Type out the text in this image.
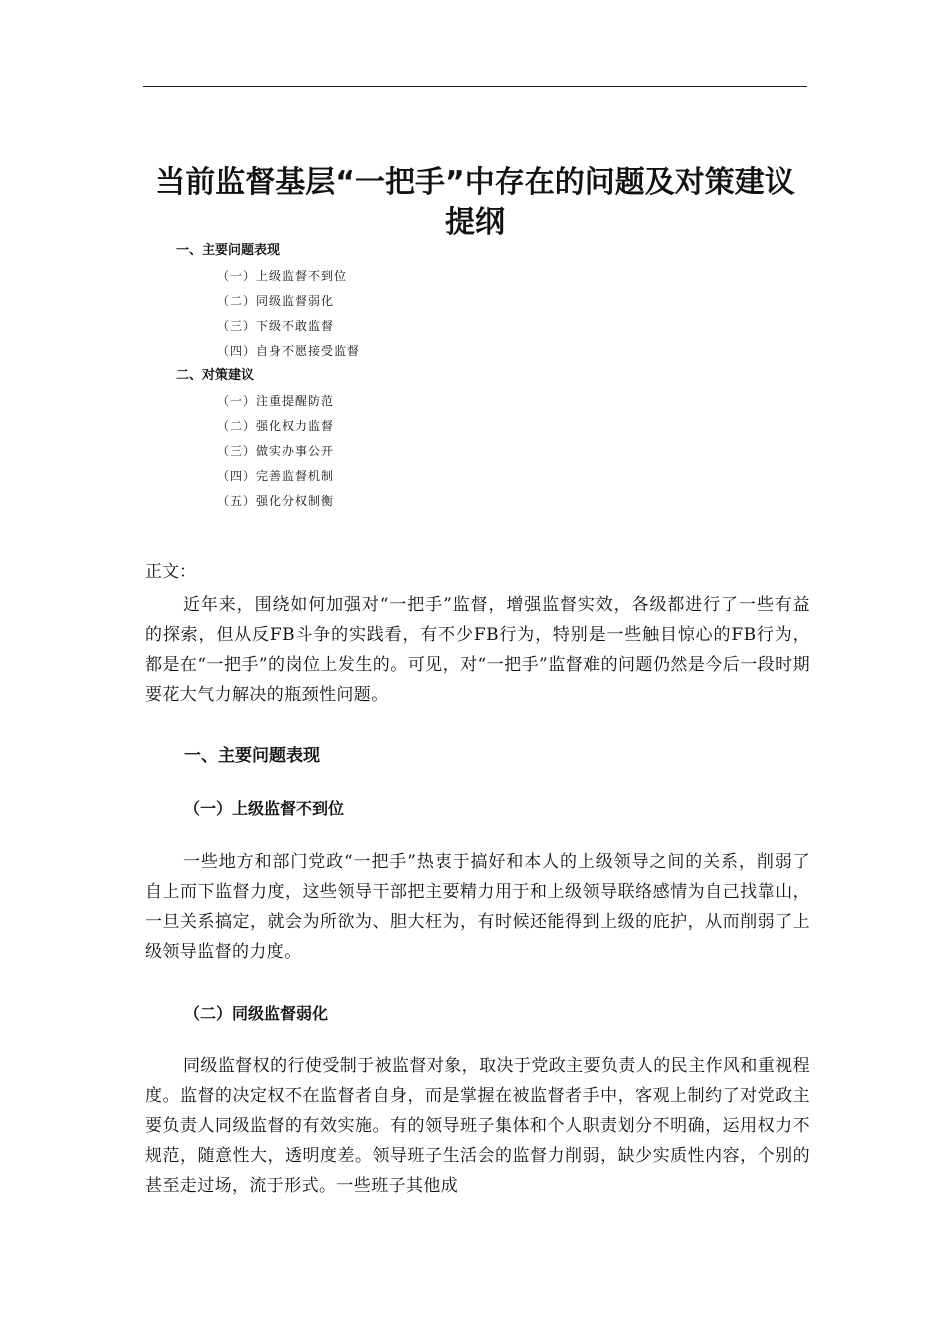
当前监督基层“一把手”中存在的问题及对策建议
提纲
一、主要问题表现
（一）上级监督不到位
（二）同级监督弱化
（三）下级不敢监督
（四）自身不愿接受监督
二、对策建议
（一）注重提醒防范
（二）强化权力监督
（三）做实办事公开
（四）完善监督机制
（五）强化分权制衡
正文：

近年来，围绕如何加强对“一把手”监督，增强监督实效，各级都进行了一些有益的探索，但从反FB斗争的实践看，有不少FB行为，特别是一些触目惊心的FB行为，都是在“一把手”的岗位上发生的。可见，对“一把手”监督难的问题仍然是今后一段时期要花大气力解决的瓶颈性问题。

一、主要问题表现
（一）上级监督不到位

一些地方和部门党政“一把手”热衷于搞好和本人的上级领导之间的关系，削弱了自上而下监督力度，这些领导干部把主要精力用于和上级领导联络感情为自己找靠山，一旦关系搞定，就会为所欲为、胆大枉为，有时候还能得到上级的庇护，从而削弱了上级领导监督的力度。

（二）同级监督弱化

同级监督权的行使受制于被监督对象，取决于党政主要负责人的民主作风和重视程度。监督的决定权不在监督者自身，而是掌握在被监督者手中，客观上制约了对党政主要负责人同级监督的有效实施。有的领导班子集体和个人职责划分不明确，运用权力不规范，随意性大，透明度差。领导班子生活会的监督力削弱，缺少实质性内容，个别的甚至走过场，流于形式。一些班子其他成
